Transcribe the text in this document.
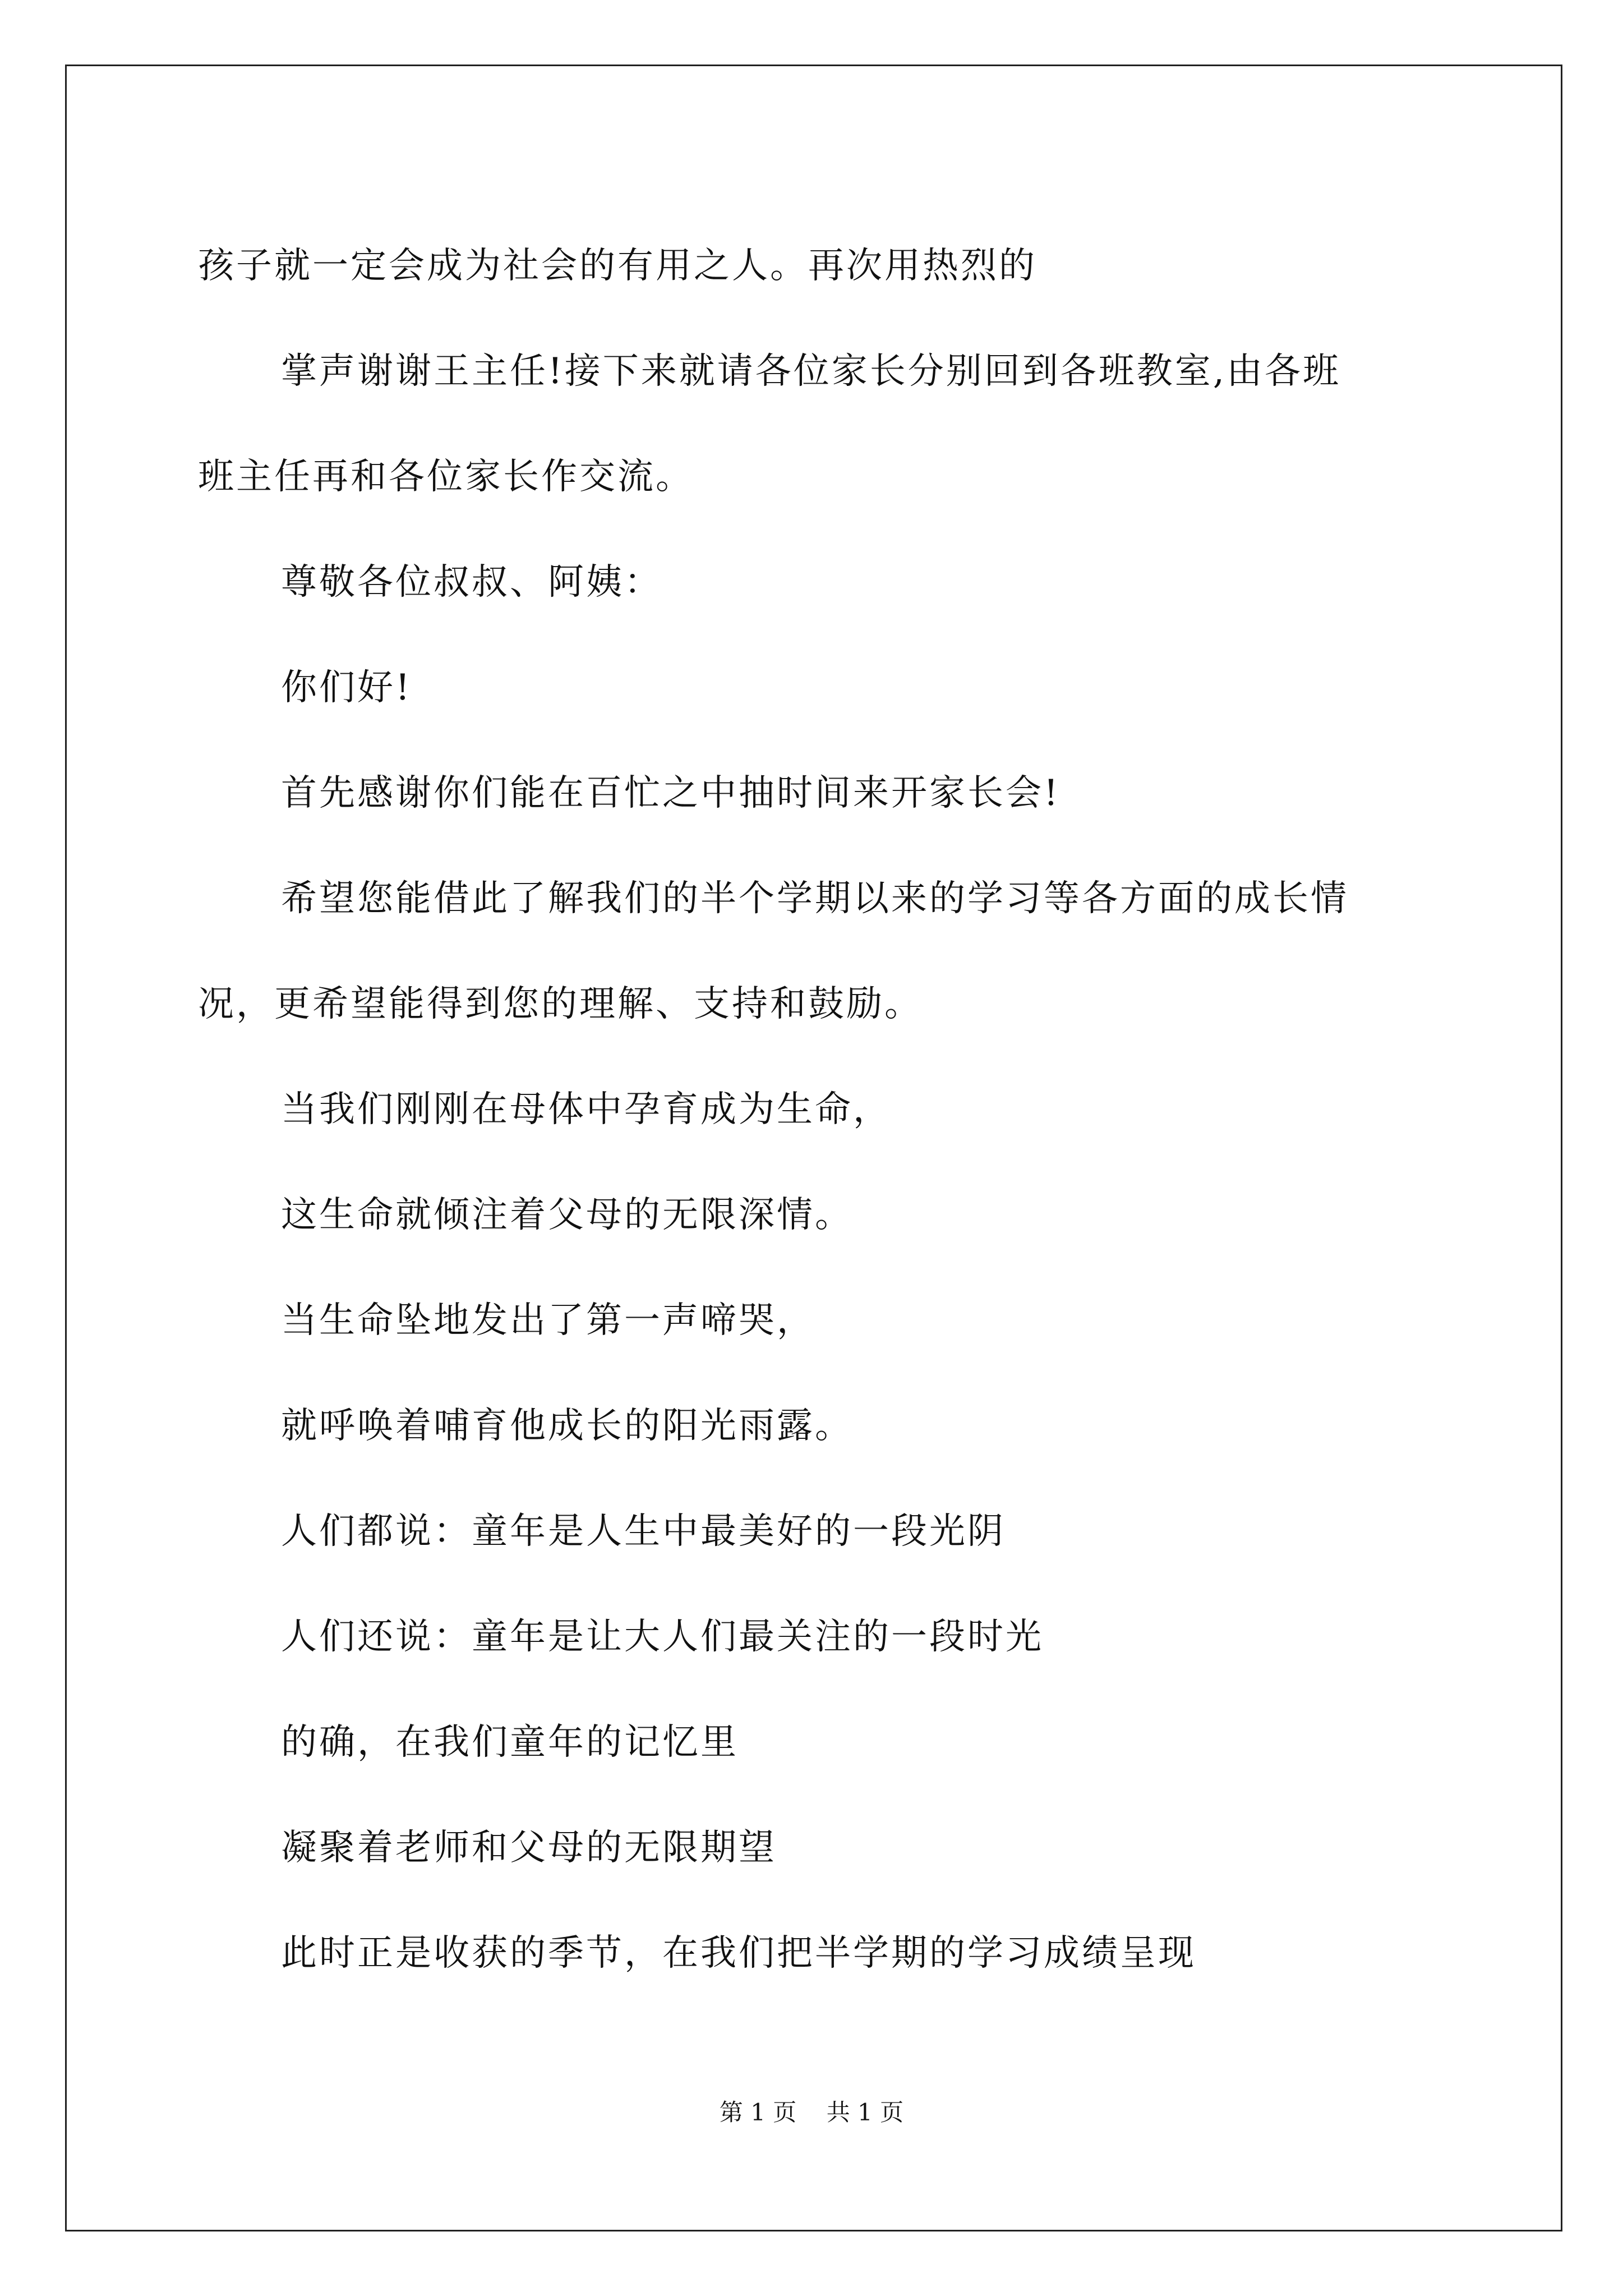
孩子就一定会成为社会的有用之人。再次用热烈的
掌声谢谢王主任!接下来就请各位家长分别回到各班教室,由各班
班主任再和各位家长作交流。
尊敬各位叔叔、阿姨：
你们好!
首先感谢你们能在百忙之中抽时间来开家长会!
希望您能借此了解我们的半个学期以来的学习等各方面的成长情
况，更希望能得到您的理解、支持和鼓励。
当我们刚刚在母体中孕育成为生命，
这生命就倾注着父母的无限深情。
当生命坠地发出了第一声啼哭，
就呼唤着哺育他成长的阳光雨露。
人们都说：童年是人生中最美好的一段光阴
人们还说：童年是让大人们最关注的一段时光
的确，在我们童年的记忆里
凝聚着老师和父母的无限期望
此时正是收获的季节，在我们把半学期的学习成绩呈现
第 1 页    共 1 页
